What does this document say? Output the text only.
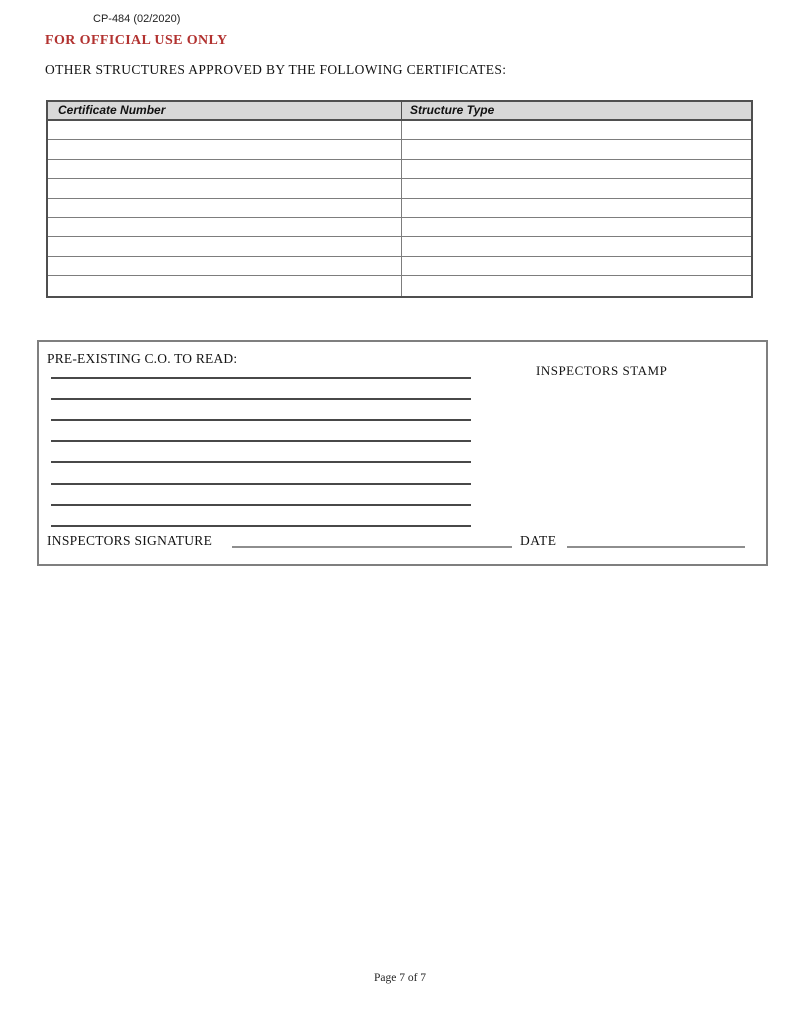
CP-484 (02/2020)
FOR OFFICIAL USE ONLY
OTHER STRUCTURES APPROVED BY THE FOLLOWING CERTIFICATES:
Certificate Number	Structure Type
PRE-EXISTING C.O. TO READ:
INSPECTORS STAMP
INSPECTORS SIGNATURE	DATE
Page 7 of 7
